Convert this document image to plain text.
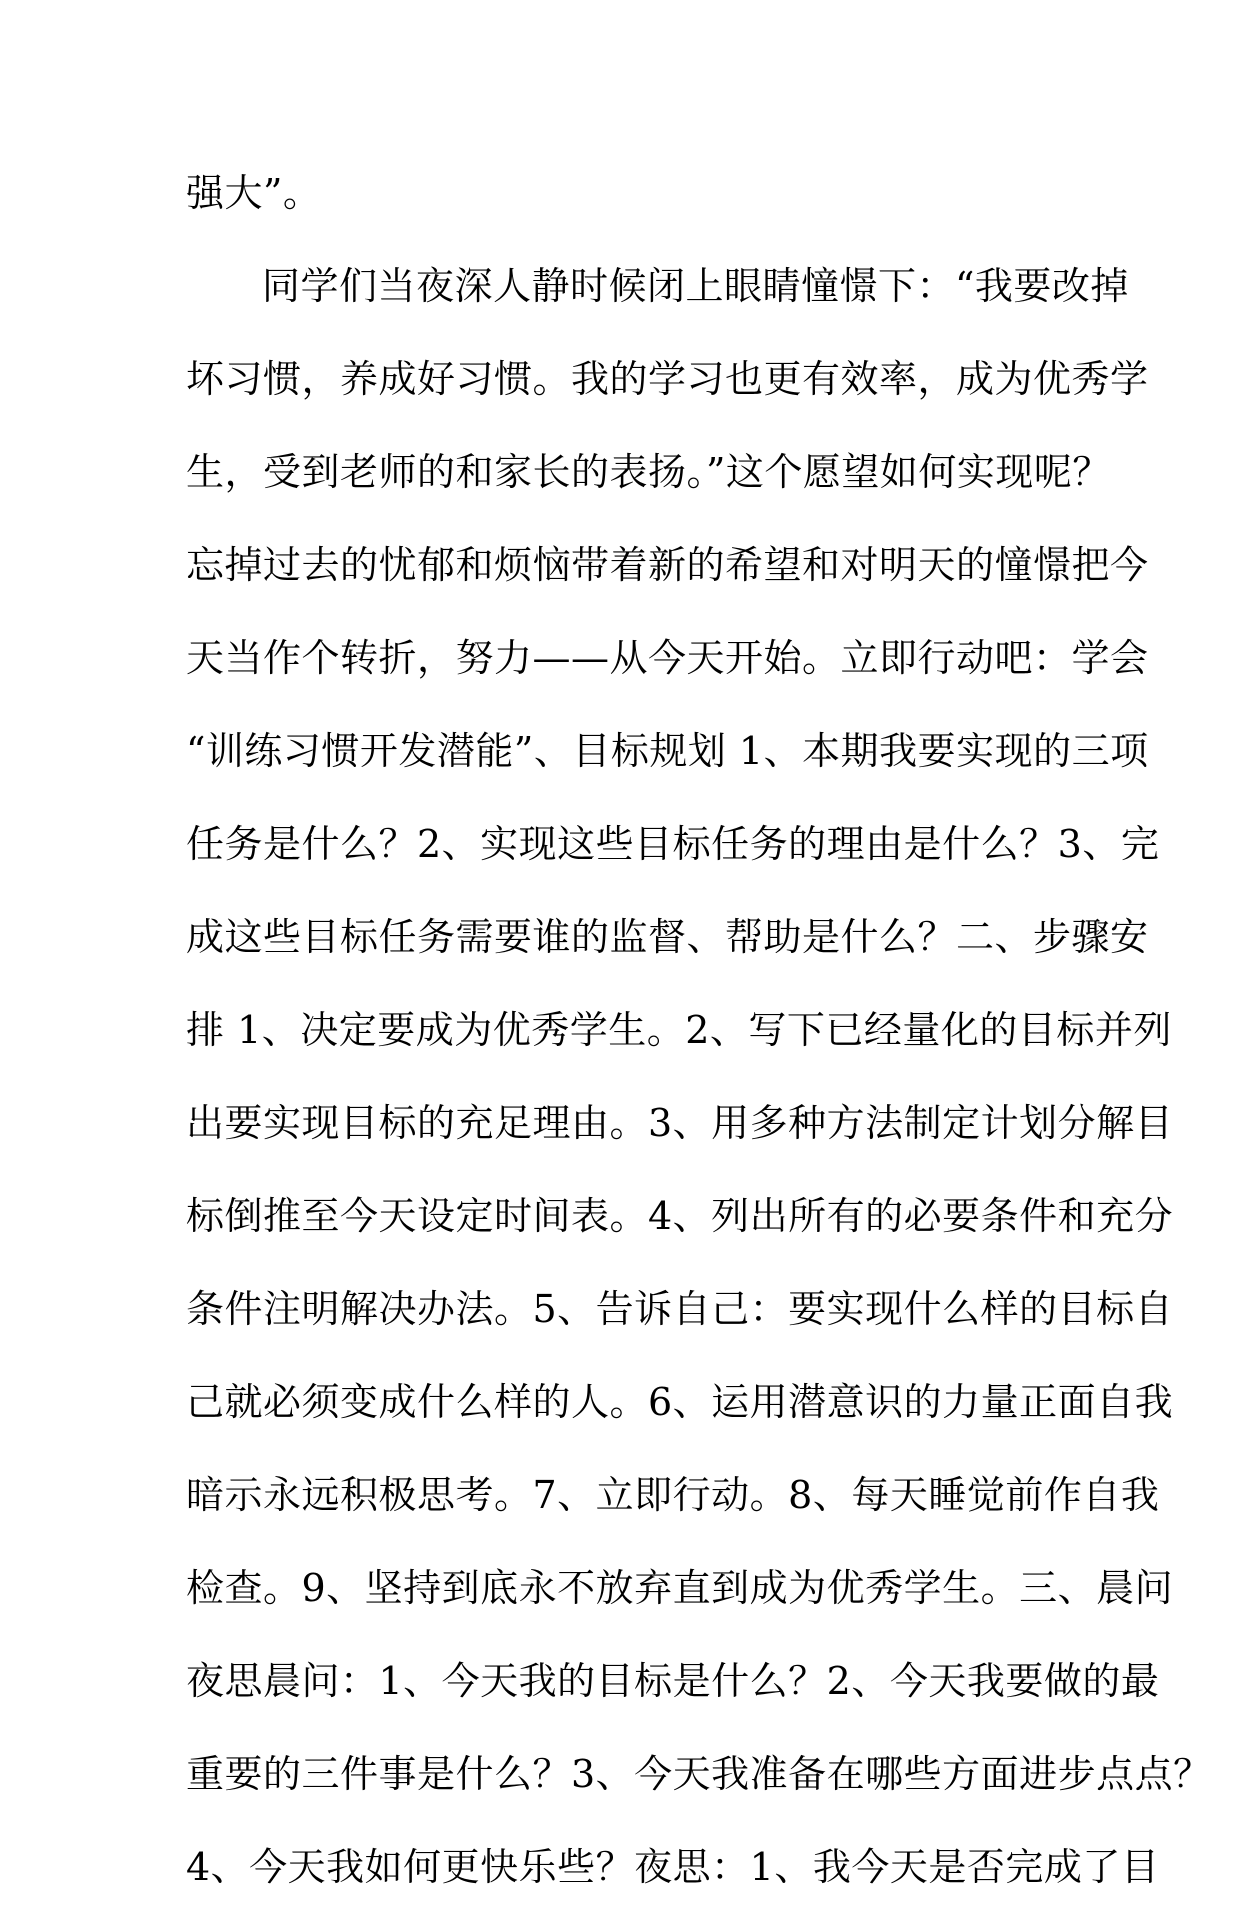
强大”。
同学们当夜深人静时候闭上眼睛憧憬下：“我要改掉
坏习惯，养成好习惯。我的学习也更有效率，成为优秀学
生，受到老师的和家长的表扬。”这个愿望如何实现呢？
忘掉过去的忧郁和烦恼带着新的希望和对明天的憧憬把今
天当作个转折，努力——从今天开始。立即行动吧：学会
“训练习惯开发潜能”、目标规划 1、本期我要实现的三项
任务是什么？2、实现这些目标任务的理由是什么？3、完
成这些目标任务需要谁的监督、帮助是什么？二、步骤安
排 1、决定要成为优秀学生。2、写下已经量化的目标并列
出要实现目标的充足理由。3、用多种方法制定计划分解目
标倒推至今天设定时间表。4、列出所有的必要条件和充分
条件注明解决办法。5、告诉自己：要实现什么样的目标自
己就必须变成什么样的人。6、运用潜意识的力量正面自我
暗示永远积极思考。7、立即行动。8、每天睡觉前作自我
检查。9、坚持到底永不放弃直到成为优秀学生。三、晨问
夜思晨问：1、今天我的目标是什么？2、今天我要做的最
重要的三件事是什么？3、今天我准备在哪些方面进步点点？
4、今天我如何更快乐些？夜思：1、我今天是否完成了目
